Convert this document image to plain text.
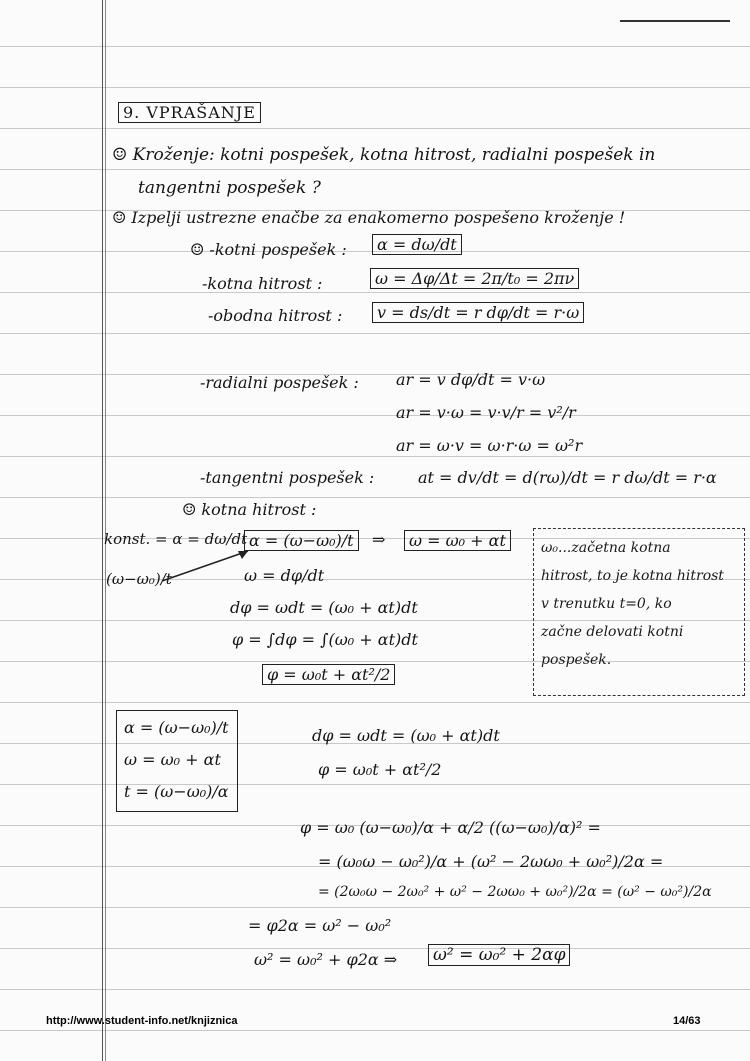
9. VPRAŠANJE
☺ Kroženje: kotni pospešek, kotna hitrost, radialni pospešek in
tangentni pospešek ?
☺ Izpelji ustrezne enačbe za enakomerno pospešeno kroženje !
☺ -kotni pospešek :	α = dω/dt
-kotna hitrost :	ω = Δφ/Δt = 2π/t₀ = 2πν
-obodna hitrost :	v = ds/dt = r dφ/dt = r·ω
-radialni pospešek : ar = v dφ/dt = v·ω
ar = v·ω = v·v/r = v²/r
ar = ω·v = ω·r·ω = ω²r
-tangentni pospešek :	at = dv/dt = d(rω)/dt = r dω/dt = r·α
☺ kotna hitrost :
konst. = α = dω/dt
(ω−ω₀)/t
α = (ω−ω₀)/t	⇒	ω = ω₀ + αt
ω = dφ/dt
dφ = ωdt = (ω₀ + αt)dt
φ = ∫dφ = ∫(ω₀ + αt)dt
φ = ω₀t + αt²/2
ω₀...začetna kotna
hitrost, to je kotna hitrost
v trenutku t=0, ko
začne delovati kotni
pospešek.
α = (ω−ω₀)/t
ω = ω₀ + αt
t = (ω−ω₀)/α
dφ = ωdt = (ω₀ + αt)dt
φ = ω₀t + αt²/2
φ = ω₀ (ω−ω₀)/α + α/2 ((ω−ω₀)/α)² =
= (ω₀ω − ω₀²)/α + (ω² − 2ωω₀ + ω₀²)/2α =
= (2ω₀ω − 2ω₀² + ω² − 2ωω₀ + ω₀²)/2α = (ω² − ω₀²)/2α
= φ2α = ω² − ω₀²
ω² = ω₀² + φ2α ⇒ ω² = ω₀² + 2αφ
http://www.student-info.net/knjiznica	14/63
